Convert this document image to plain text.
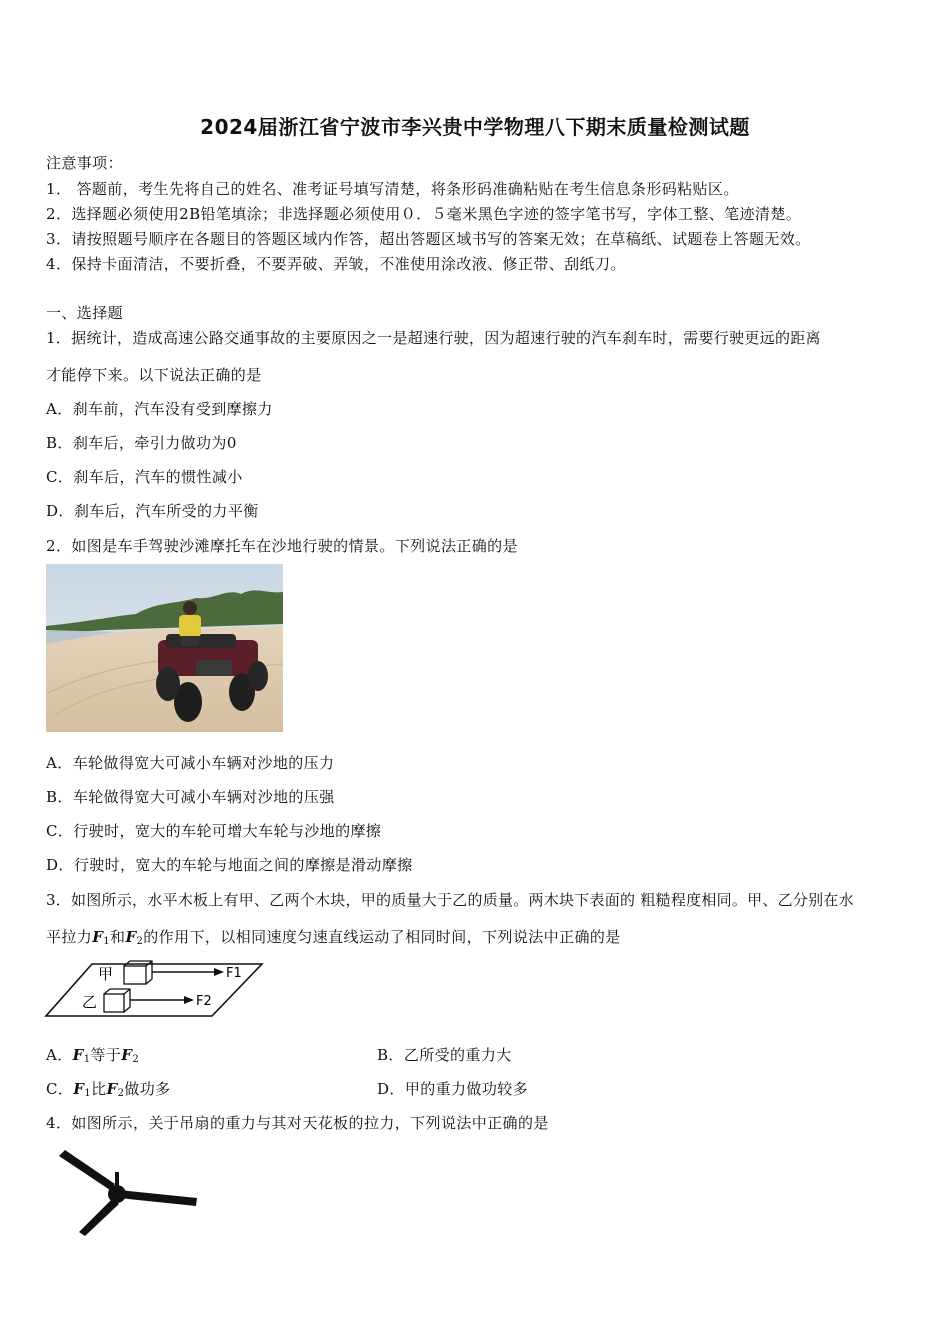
2024届浙江省宁波市李兴贵中学物理八下期末质量检测试题
注意事项：
1． 答题前，考生先将自己的姓名、准考证号填写清楚，将条形码准确粘贴在考生信息条形码粘贴区。
2．选择题必须使用2B铅笔填涂；非选择题必须使用０．５毫米黑色字迹的签字笔书写，字体工整、笔迹清楚。
3．请按照题号顺序在各题目的答题区域内作答，超出答题区域书写的答案无效；在草稿纸、试题卷上答题无效。
4．保持卡面清洁，不要折叠，不要弄破、弄皱，不准使用涂改液、修正带、刮纸刀。
一、选择题
1．据统计，造成高速公路交通事故的主要原因之一是超速行驶，因为超速行驶的汽车刹车时，需要行驶更远的距离
才能停下来。以下说法正确的是
A．刹车前，汽车没有受到摩擦力
B．刹车后，牵引力做功为0
C．刹车后，汽车的惯性减小
D．刹车后，汽车所受的力平衡
2．如图是车手驾驶沙滩摩托车在沙地行驶的情景。下列说法正确的是
A．车轮做得宽大可减小车辆对沙地的压力
B．车轮做得宽大可减小车辆对沙地的压强
C．行驶时，宽大的车轮可增大车轮与沙地的摩擦
D．行驶时，宽大的车轮与地面之间的摩擦是滑动摩擦
3．如图所示，水平木板上有甲、乙两个木块，甲的质量大于乙的质量。两木块下表面的 粗糙程度相同。甲、乙分别在水
平拉力$F_1$和$F_2$的作用下，以相同速度匀速直线运动了相同时间，下列说法中正确的是
甲	F1
乙	F2
A．$F_1$等于$F_2$	B．乙所受的重力大
C．$F_1$比$F_2$做功多	D．甲的重力做功较多
4．如图所示，关于吊扇的重力与其对天花板的拉力，下列说法中正确的是
